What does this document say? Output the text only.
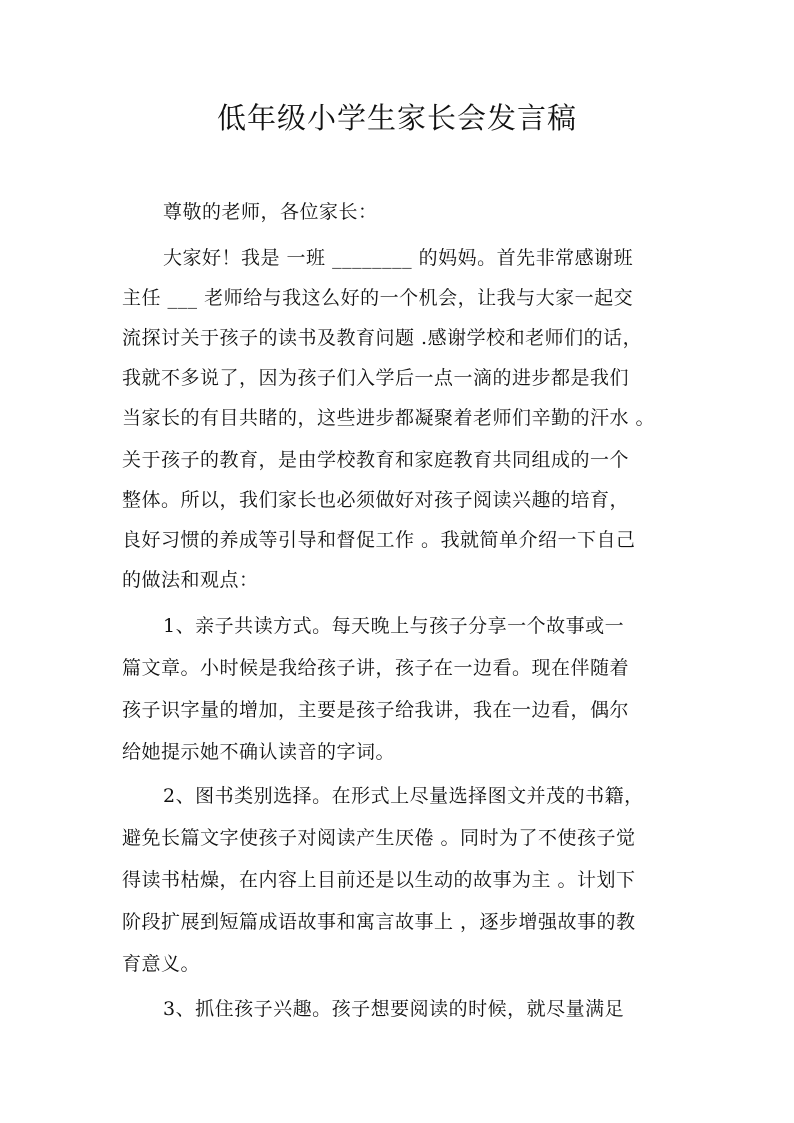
低年级小学生家长会发言稿
尊敬的老师，各位家长：
大家好！我是 一班 ________ 的妈妈。首先非常感谢班
主任 ___ 老师给与我这么好的一个机会，让我与大家一起交
流探讨关于孩子的读书及教育问题 .感谢学校和老师们的话，
我就不多说了，因为孩子们入学后一点一滴的进步都是我们
当家长的有目共睹的，这些进步都凝聚着老师们辛勤的汗水 。
关于孩子的教育，是由学校教育和家庭教育共同组成的一个
整体。所以，我们家长也必须做好对孩子阅读兴趣的培育，
良好习惯的养成等引导和督促工作 。我就简单介绍一下自己
的做法和观点：
1、亲子共读方式。每天晚上与孩子分享一个故事或一
篇文章。小时候是我给孩子讲，孩子在一边看。现在伴随着
孩子识字量的增加，主要是孩子给我讲，我在一边看，偶尔
给她提示她不确认读音的字词。
2、图书类别选择。在形式上尽量选择图文并茂的书籍，
避免长篇文字使孩子对阅读产生厌倦 。同时为了不使孩子觉
得读书枯燥，在内容上目前还是以生动的故事为主 。计划下
阶段扩展到短篇成语故事和寓言故事上 ，逐步增强故事的教
育意义。
3、抓住孩子兴趣。孩子想要阅读的时候，就尽量满足
